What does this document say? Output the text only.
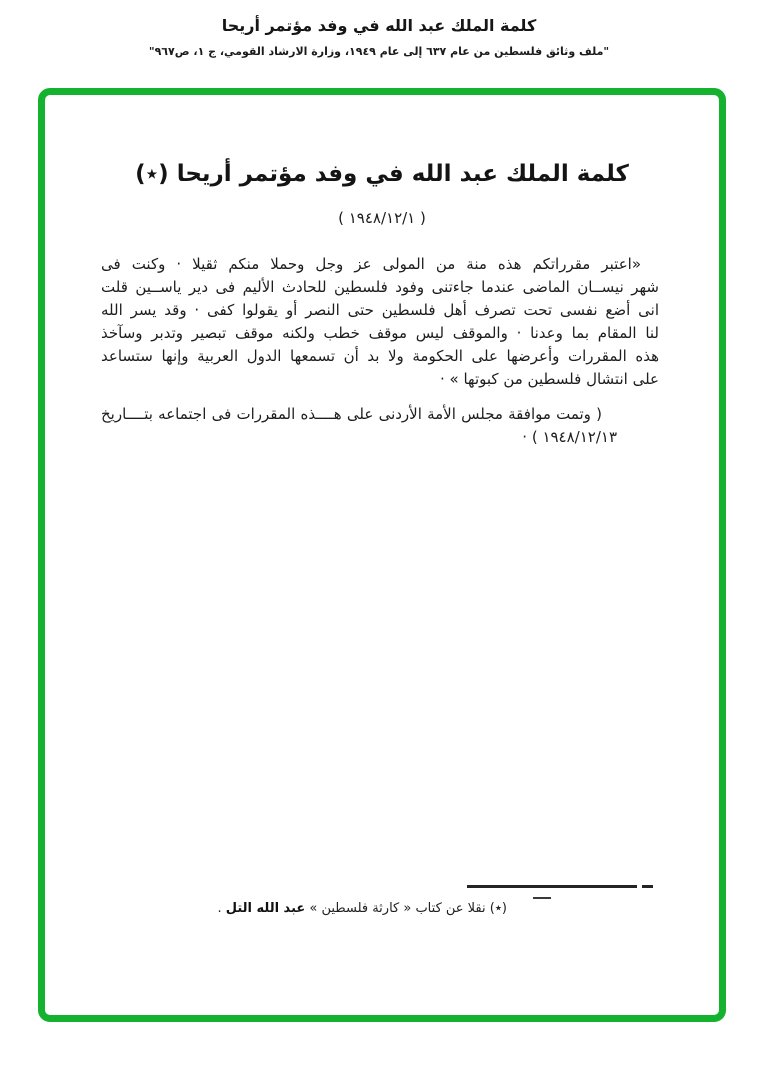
كلمة الملك عبد الله في وفد مؤتمر أريحا
"ملف وثائق فلسطين من عام ٦٣٧ إلى عام ١٩٤٩، وزارة الارشاد القومي، ج ١، ص٩٦٧"
كلمة الملك عبد الله في وفد مؤتمر أريحا (٭)
( ١٩٤٨/١٢/١ )
«اعتبر مقرراتكم هذه منة من المولى عز وجل وحملا منكم ثقيلا · وكنت فى
شهر نيســان الماضى عندما جاءتنى وفود فلسطين للحادث الأليم فى دير ياســين قلت
انى أضع نفسى تحت تصرف أهل فلسطين حتى النصر أو يقولوا كفى · وقد يسر الله
لنا المقام بما وعدنا · والموقف ليس موقف خطب ولكنه موقف تبصير وتدبر وسآخذ
هذه المقررات وأعرضها على الحكومة ولا بد أن تسمعها الدول العربية وإنها ستساعد
على انتشال فلسطين من كبوتها » ·
( وتمت موافقة مجلس الأمة الأردنى على هــــذه المقررات فى اجتماعه بتــــاريخ
١٩٤٨/١٢/١٣ ) ·
(٭) نقلا عن كتاب « كارثة فلسطين » عبد الله التل .
